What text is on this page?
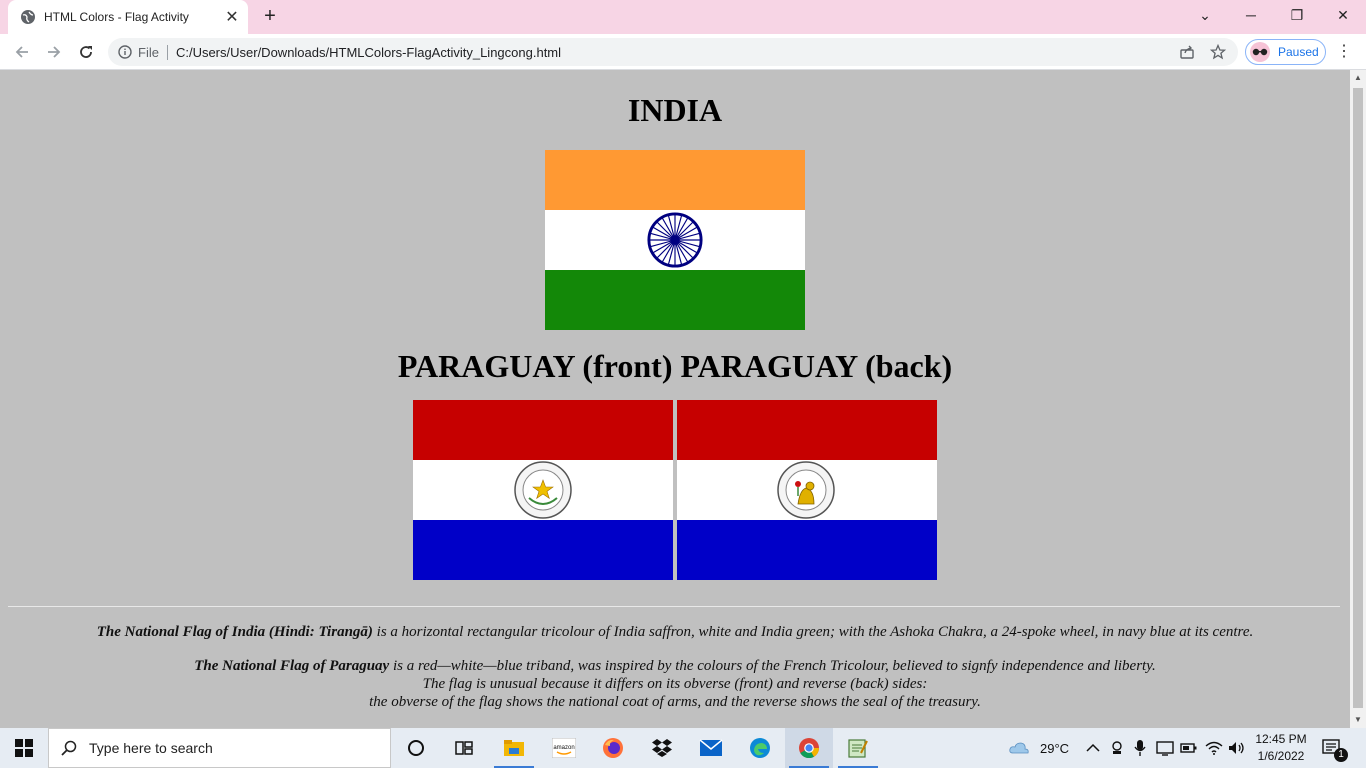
HTML Colors - Flag Activity	✕	+	⌄	─	❐	✕
File	C:/Users/User/Downloads/HTMLColors-FlagActivity_Lingcong.html	Paused ⋮
INDIA
PARAGUAY (front) PARAGUAY (back)

The National Flag of India (Hindi: Tirangā) is a horizontal rectangular tricolour of India saffron, white and India green; with the Ashoka Chakra, a 24-spoke wheel, in navy blue at its centre.

The National Flag of Paraguay is a red—white—blue triband, was inspired by the colours of the French Tricolour, believed to signfy independence and liberty.

The flag is unusual because it differs on its obverse (front) and reverse (back) sides:

the obverse of the flag shows the national coat of arms, and the reverse shows the seal of the treasury.

▲
▼
Type here to search	amazon	29°C
12:45 PM
1/6/2022	1
